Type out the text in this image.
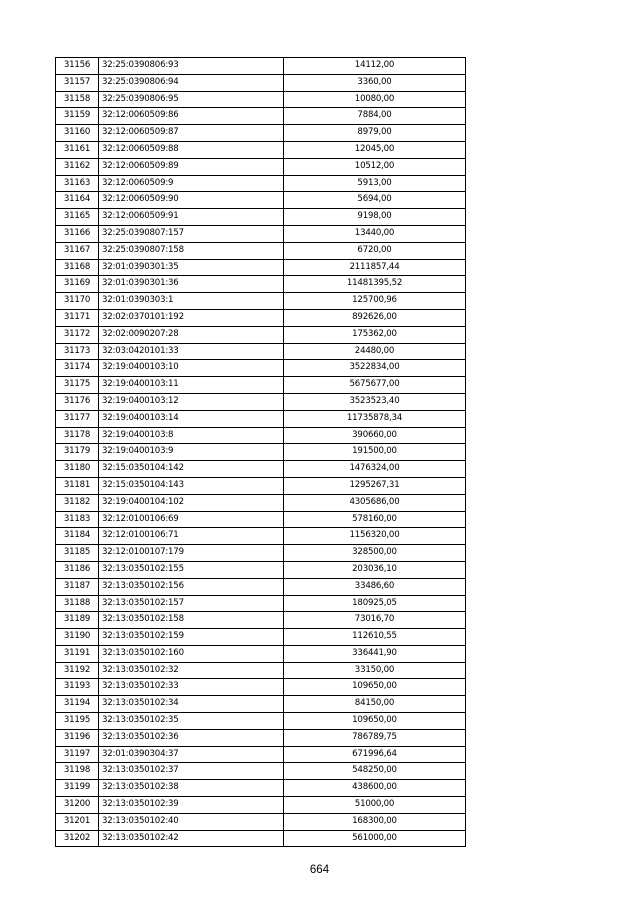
31156	32:25:0390806:93	14112,00
31157	32:25:0390806:94	3360,00
31158	32:25:0390806:95	10080,00
31159	32:12:0060509:86	7884,00
31160	32:12:0060509:87	8979,00
31161	32:12:0060509:88	12045,00
31162	32:12:0060509:89	10512,00
31163	32:12:0060509:9	5913,00
31164	32:12:0060509:90	5694,00
31165	32:12:0060509:91	9198,00
31166	32:25:0390807:157	13440,00
31167	32:25:0390807:158	6720,00
31168	32:01:0390301:35	2111857,44
31169	32:01:0390301:36	11481395,52
31170	32:01:0390303:1	125700,96
31171	32:02:0370101:192	892626,00
31172	32:02:0090207:28	175362,00
31173	32:03:0420101:33	24480,00
31174	32:19:0400103:10	3522834,00
31175	32:19:0400103:11	5675677,00
31176	32:19:0400103:12	3523523,40
31177	32:19:0400103:14	11735878,34
31178	32:19:0400103:8	390660,00
31179	32:19:0400103:9	191500,00
31180	32:15:0350104:142	1476324,00
31181	32:15:0350104:143	1295267,31
31182	32:19:0400104:102	4305686,00
31183	32:12:0100106:69	578160,00
31184	32:12:0100106:71	1156320,00
31185	32:12:0100107:179	328500,00
31186	32:13:0350102:155	203036,10
31187	32:13:0350102:156	33486,60
31188	32:13:0350102:157	180925,05
31189	32:13:0350102:158	73016,70
31190	32:13:0350102:159	112610,55
31191	32:13:0350102:160	336441,90
31192	32:13:0350102:32	33150,00
31193	32:13:0350102:33	109650,00
31194	32:13:0350102:34	84150,00
31195	32:13:0350102:35	109650,00
31196	32:13:0350102:36	786789,75
31197	32:01:0390304:37	671996,64
31198	32:13:0350102:37	548250,00
31199	32:13:0350102:38	438600,00
31200	32:13:0350102:39	51000,00
31201	32:13:0350102:40	168300,00
31202	32:13:0350102:42	561000,00
664
